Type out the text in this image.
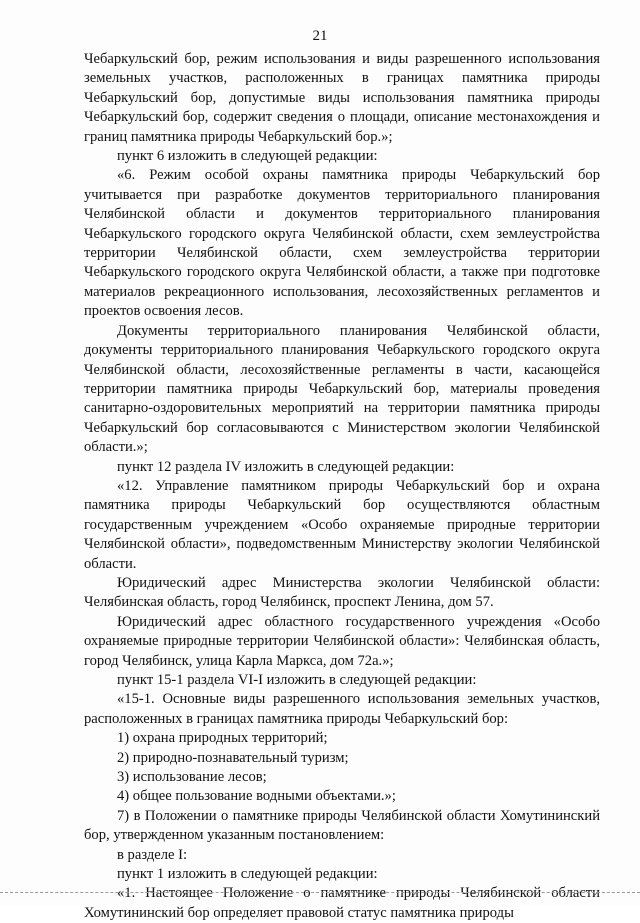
21

Чебаркульский бор, режим использования и виды разрешенного использования земельных участков, расположенных в границах памятника природы Чебаркульский бор, допустимые виды использования памятника природы Чебаркульский бор, содержит сведения о площади, описание местонахождения и границ памятника природы Чебаркульский бор.»;

пункт 6 изложить в следующей редакции:

«6. Режим особой охраны памятника природы Чебаркульский бор учитывается при разработке документов территориального планирования Челябинской области и документов территориального планирования Чебаркульского городского округа Челябинской области, схем землеустройства территории Челябинской области, схем землеустройства территории Чебаркульского городского округа Челябинской области, а также при подготовке материалов рекреационного использования, лесохозяйственных регламентов и проектов освоения лесов.

Документы территориального планирования Челябинской области, документы территориального планирования Чебаркульского городского округа Челябинской области, лесохозяйственные регламенты в части, касающейся территории памятника природы Чебаркульский бор, материалы проведения санитарно-оздоровительных мероприятий на территории памятника природы Чебаркульский бор согласовываются с Министерством экологии Челябинской области.»;

пункт 12 раздела IV изложить в следующей редакции:

«12. Управление памятником природы Чебаркульский бор и охрана памятника природы Чебаркульский бор осуществляются областным государственным учреждением «Особо охраняемые природные территории Челябинской области», подведомственным Министерству экологии Челябинской области.

Юридический адрес Министерства экологии Челябинской области: Челябинская область, город Челябинск, проспект Ленина, дом 57.

Юридический адрес областного государственного учреждения «Особо охраняемые природные территории Челябинской области»: Челябинская область, город Челябинск, улица Карла Маркса, дом 72а.»;

пункт 15-1 раздела VI-I изложить в следующей редакции:

«15-1. Основные виды разрешенного использования земельных участков, расположенных в границах памятника природы Чебаркульский бор:

1) охрана природных территорий;

2) природно-познавательный туризм;

3) использование лесов;

4) общее пользование водными объектами.»;

7) в Положении о памятнике природы Челябинской области Хомутининский бор, утвержденном указанным постановлением:

в разделе I:

пункт 1 изложить в следующей редакции:

«1. Настоящее Положение о памятнике природы Челябинской области Хомутининский бор определяет правовой статус памятника природы
